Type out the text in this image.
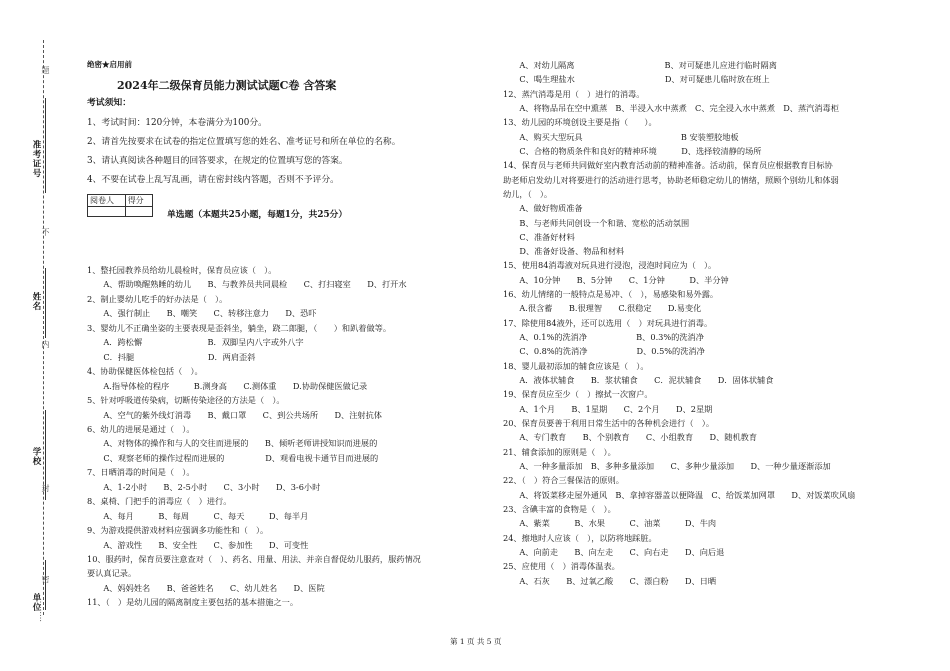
准考证号
姓名
学校
单位
题
不
内
封
密
………
绝密★启用前
2024年二级保育员能力测试试题C卷 含答案
考试须知：
1、考试时间：120分钟，本卷满分为100分。
2、请首先按要求在试卷的指定位置填写您的姓名、准考证号和所在单位的名称。
3、请认真阅读各种题目的回答要求，在规定的位置填写您的答案。
4、不要在试卷上乱写乱画，请在密封线内答题，否则不予评分。
阅卷人	得分

单选题（本题共25小题，每题1分，共25分）
1、整托园教养员给幼儿晨检时，保育员应该（　）。
　　A、帮助唤醒熟睡的幼儿　　B、与教养员共同晨检　　C、打扫寝室　　D、打开水
2、制止婴幼儿吃手的好办法是（　）。
　　A、强行制止　　B、嘲笑　　C、转移注意力　　D、恐吓
3、婴幼儿不正确坐姿的主要表现是歪斜坐，躺坐，跷二郎腿，（　　）和趴着做等。
　　A．跨松懈　　　　　　　　B．双脚呈内八字或外八字
　　C．抖腿　　　　　　　　　D．两肩歪斜
4、协助保健医体检包括（　）。
　　A.指导体检的程序　　　B.测身高　　C.测体重　　D.协助保健医做记录
5、针对呼吸道传染病，切断传染途径的方法是（　）。
　　A、空气的紫外线灯消毒　　B、戴口罩　　C、到公共场所　　D、注射抗体
6、幼儿的进展是通过（　）。
　　A、对物体的操作和与人的交往而进展的　　B、倾听老师讲授知识而进展的
　　C、观察老师的操作过程而进展的　　　　　D、观看电视卡通节目而进展的
7、日晒消毒的时间是（　）。
　　A、1-2小时　　B、2-5小时　　C、3小时　　D、3-6小时
8、桌椅、门把手的消毒应（　）进行。
　　A、每月　　　B、每周　　　C、每天　　　D、每半月
9、为游戏提供游戏材料应强调多功能性和（　）。
　　A、游戏性　　B、安全性　　C、参加性　　D、可变性
10、服药时，保育员要注意查对（　）、药名、用量、用法、并亲自督促幼儿服药，服药情况
要认真记录。
　　A、妈妈姓名　　B、爸爸姓名　　C、幼儿姓名　　D、医院
11、（　）是幼儿园的隔离制度主要包括的基本措施之一。
　　A、对幼儿隔离　　　　　　　　　　　B、对可疑患儿应进行临时隔离
　　C、喝生理盐水　　　　　　　　　　　D、对可疑患儿临时放在班上
12、蒸汽消毒是用（　）进行的消毒。
　　A、将物品吊在空中熏蒸　B、半浸入水中蒸煮　C、完全浸入水中蒸煮　D、蒸汽消毒柜
13、幼儿园的环境创设主要是指（　　）。
　　A、购买大型玩具　　　　　　　　　　　　B 安装塑胶地板
　　C、合格的物质条件和良好的精神环境　　　D、选择较清静的场所
14、保育员与老师共同做好室内教育活动前的精神准备。活动前，保育员应根据教育目标协
助老师启发幼儿对将要进行的活动进行思考，协助老师稳定幼儿的情绪，照顾个别幼儿和体弱
幼儿，（　）。
　　A、做好物质准备
　　B、与老师共同创设一个和谐、宽松的活动氛围
　　C、准备好材料
　　D、准备好设备、物品和材料
15、使用84消毒液对玩具进行浸泡，浸泡时间应为（　）。
　　A、10分钟　　B、5分钟　　C、1分钟　　　D、半分钟
16、幼儿情绪的一般特点是易冲、（　），易感染和易外露。
　　A.很含蓄　　B.很理智　　C.很稳定　　D.易变化
17、除使用84液外，还可以选用（　）对玩具进行消毒。
　　A、0.1%的洗消净　　　　　　B、0.3%的洗消净
　　C、0.8%的洗消净　　　　　　D、0.5%的洗消净
18、婴儿最初添加的辅食应该是（　）。
　　A．液体状辅食　　B．浆状辅食　　C．泥状辅食　　D．固体状辅食
19、保育员应至少（　）擦拭一次窗户。
　　A、1个月　　B、1星期　　C、2个月　　D、2星期
20、保育员要善于利用日常生活中的各种机会进行（　）。
　　A、专门教育　　B、个别教育　　C、小组教育　　D、随机教育
21、辅食添加的原则是（　）。
　　A、一种多量添加　B、多种多量添加　　C、多种少量添加　　D、一种少量逐渐添加
22、（　）符合三餐保洁的原则。
　　A、将饭菜移走屋外通风　B、拿掉容器盖以便降温　C、给饭菜加网罩　　D、对饭菜吹风扇
23、含碘丰富的食物是（　）。
　　A、紫菜　　　B、水果　　　C、油菜　　　D、牛肉
24、擦地时人应该（　），以防将地踩脏。
　　A、向前走　　B、向左走　　C、向右走　　D、向后退
25、应使用（　）消毒体温表。
　　A、石灰　　B、过氧乙酸　　C、漂白粉　　D、日晒
第 1 页 共 5 页
